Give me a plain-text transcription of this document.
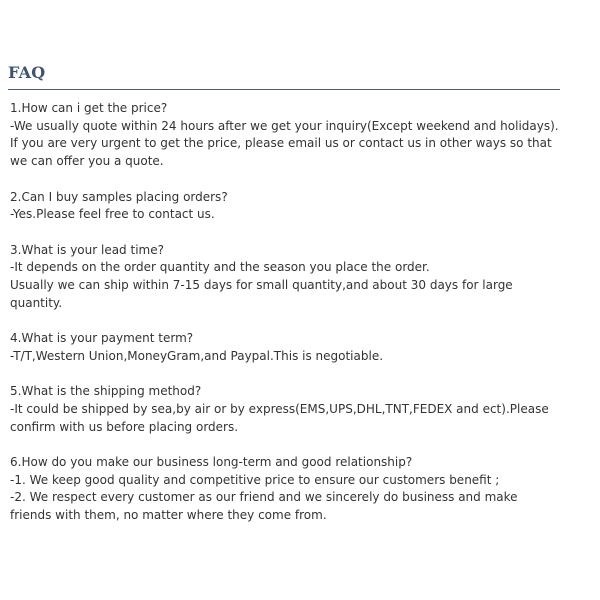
FAQ
1.How can i get the price?
-We usually quote within 24 hours after we get your inquiry(Except weekend and holidays). If you are very urgent to get the price, please email us or contact us in other ways so that we can offer you a quote.
2.Can I buy samples placing orders?
-Yes.Please feel free to contact us.
3.What is your lead time?
-It depends on the order quantity and the season you place the order.
Usually we can ship within 7-15 days for small quantity,and about 30 days for large quantity.
4.What is your payment term?
-T/T,Western Union,MoneyGram,and Paypal.This is negotiable.
5.What is the shipping method?
-It could be shipped by sea,by air or by express(EMS,UPS,DHL,TNT,FEDEX and ect).Please confirm with us before placing orders.
6.How do you make our business long-term and good relationship?
-1. We keep good quality and competitive price to ensure our customers benefit ;
-2. We respect every customer as our friend and we sincerely do business and make friends with them, no matter where they come from.
